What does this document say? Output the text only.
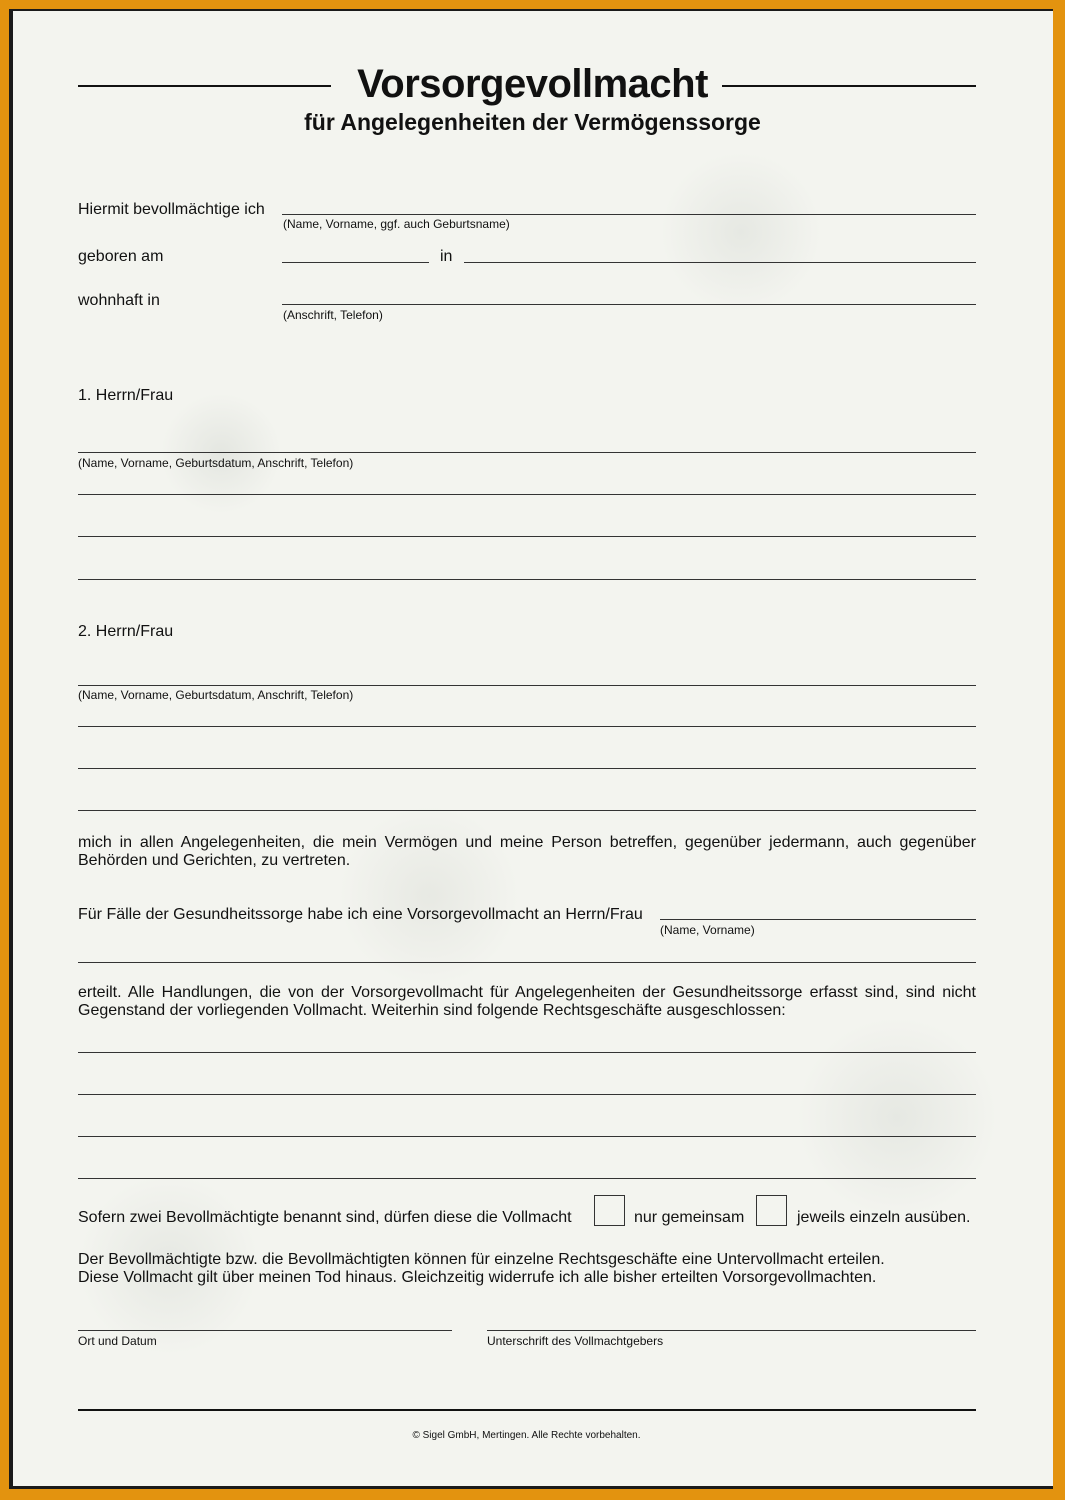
Vorsorgevollmacht
für Angelegenheiten der Vermögenssorge
Hiermit bevollmächtige ich
(Name, Vorname, ggf. auch Geburtsname)
geboren am	in
wohnhaft in
(Anschrift, Telefon)
1. Herrn/Frau
(Name, Vorname, Geburtsdatum, Anschrift, Telefon)
2. Herrn/Frau
(Name, Vorname, Geburtsdatum, Anschrift, Telefon)
mich in allen Angelegenheiten, die mein Vermögen und meine Person betreffen, gegenüber jedermann, auch gegenüber Behörden und Gerichten, zu vertreten.
Für Fälle der Gesundheitssorge habe ich eine Vorsorgevollmacht an Herrn/Frau
(Name, Vorname)
erteilt. Alle Handlungen, die von der Vorsorgevollmacht für Angelegenheiten der Gesundheitssorge erfasst sind, sind nicht Gegenstand der vorliegenden Vollmacht. Weiterhin sind folgende Rechtsgeschäfte ausgeschlossen:
Sofern zwei Bevollmächtigte benannt sind, dürfen diese die Vollmacht	nur gemeinsam	jeweils einzeln ausüben.
Der Bevollmächtigte bzw. die Bevollmächtigten können für einzelne Rechtsgeschäfte eine Untervollmacht erteilen.
Diese Vollmacht gilt über meinen Tod hinaus. Gleichzeitig widerrufe ich alle bisher erteilten Vorsorgevollmachten.
Ort und Datum	Unterschrift des Vollmachtgebers
© Sigel GmbH, Mertingen. Alle Rechte vorbehalten.
